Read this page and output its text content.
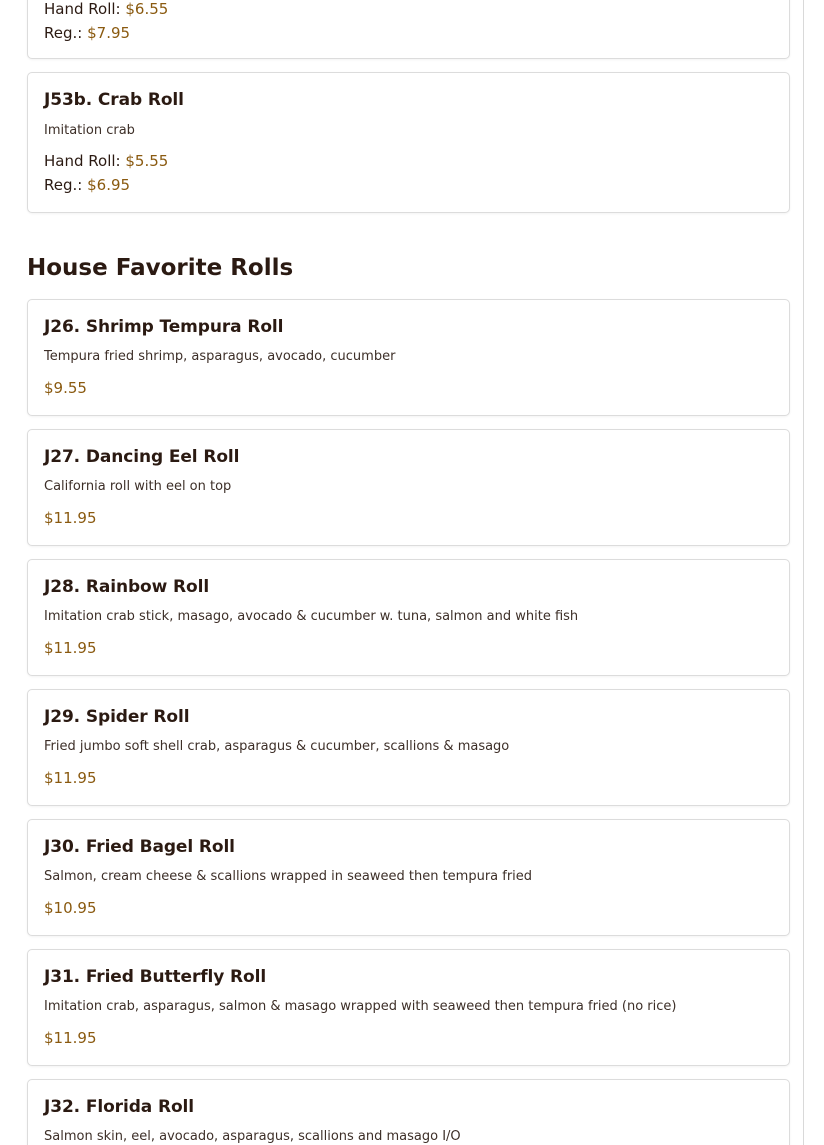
Hand Roll: $6.55

Reg.: $7.95

J53b. Crab Roll

Imitation crab

Hand Roll: $5.55

Reg.: $6.95

House Favorite Rolls
J26. Shrimp Tempura Roll

Tempura fried shrimp, asparagus, avocado, cucumber

$9.55

J27. Dancing Eel Roll

California roll with eel on top

$11.95

J28. Rainbow Roll

Imitation crab stick, masago, avocado & cucumber w. tuna, salmon and white fish

$11.95

J29. Spider Roll

Fried jumbo soft shell crab, asparagus & cucumber, scallions & masago

$11.95

J30. Fried Bagel Roll

Salmon, cream cheese & scallions wrapped in seaweed then tempura fried

$10.95

J31. Fried Butterfly Roll

Imitation crab, asparagus, salmon & masago wrapped with seaweed then tempura fried (no rice)

$11.95

J32. Florida Roll

Salmon skin, eel, avocado, asparagus, scallions and masago I/O
